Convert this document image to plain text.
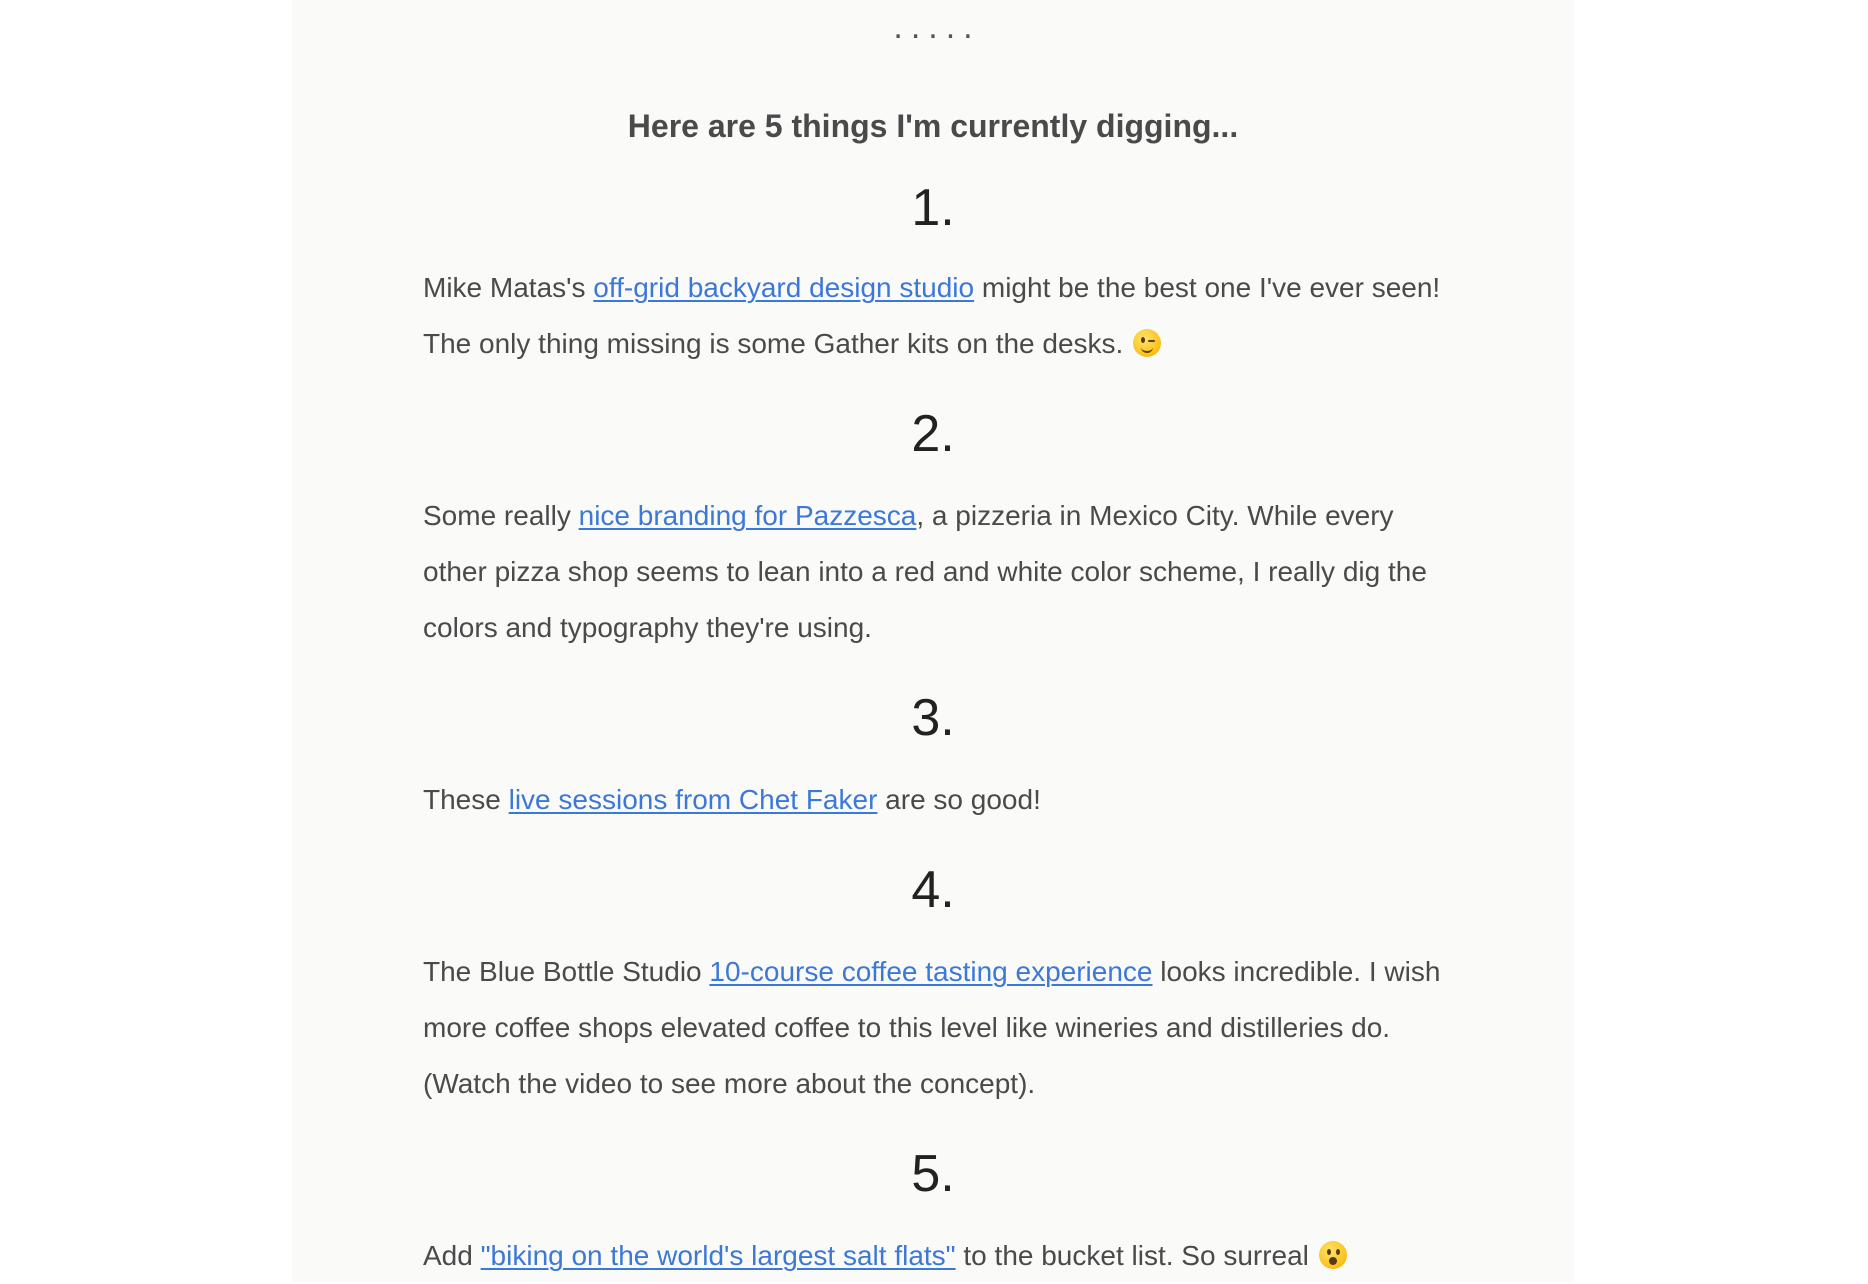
.....
Here are 5 things I'm currently digging...
1.

Mike Matas's off-grid backyard design studio might be the best one I've ever seen! The only thing missing is some Gather kits on the desks.

2.

Some really nice branding for Pazzesca, a pizzeria in Mexico City. While every other pizza shop seems to lean into a red and white color scheme, I really dig the colors and typography they're using.

3.

These live sessions from Chet Faker are so good!

4.

The Blue Bottle Studio 10-course coffee tasting experience looks incredible. I wish more coffee shops elevated coffee to this level like wineries and distilleries do. (Watch the video to see more about the concept).

5.

Add "biking on the world's largest salt flats" to the bucket list. So surreal
